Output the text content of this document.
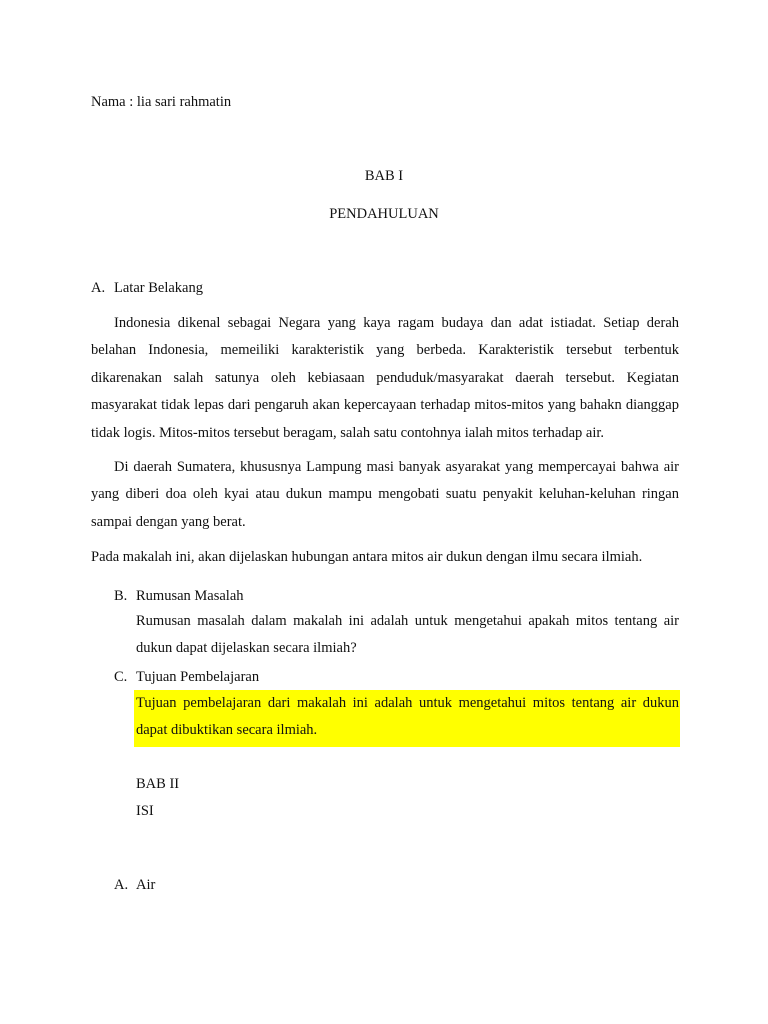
Nama : lia sari rahmatin
BAB I
PENDAHULUAN
A. Latar Belakang

Indonesia dikenal sebagai Negara yang kaya ragam budaya dan adat istiadat. Setiap derah belahan Indonesia, memeiliki karakteristik yang berbeda. Karakteristik tersebut terbentuk dikarenakan salah satunya oleh kebiasaan penduduk/masyarakat daerah tersebut. Kegiatan masyarakat tidak lepas dari pengaruh akan kepercayaan terhadap mitos-mitos yang bahakn dianggap tidak logis. Mitos-mitos tersebut beragam, salah satu contohnya ialah mitos terhadap air.

Di daerah Sumatera, khususnya Lampung masi banyak asyarakat yang mempercayai bahwa air yang diberi doa oleh kyai atau dukun mampu mengobati suatu penyakit keluhan-keluhan ringan sampai dengan yang berat.

Pada makalah ini, akan dijelaskan hubungan antara mitos air dukun dengan ilmu secara ilmiah.

B. Rumusan Masalah

Rumusan masalah dalam makalah ini adalah untuk mengetahui apakah mitos tentang air dukun dapat dijelaskan secara ilmiah?

C. Tujuan Pembelajaran

Tujuan pembelajaran dari makalah ini adalah untuk mengetahui mitos tentang air dukun dapat dibuktikan secara ilmiah.

BAB II
ISI
A. Air
